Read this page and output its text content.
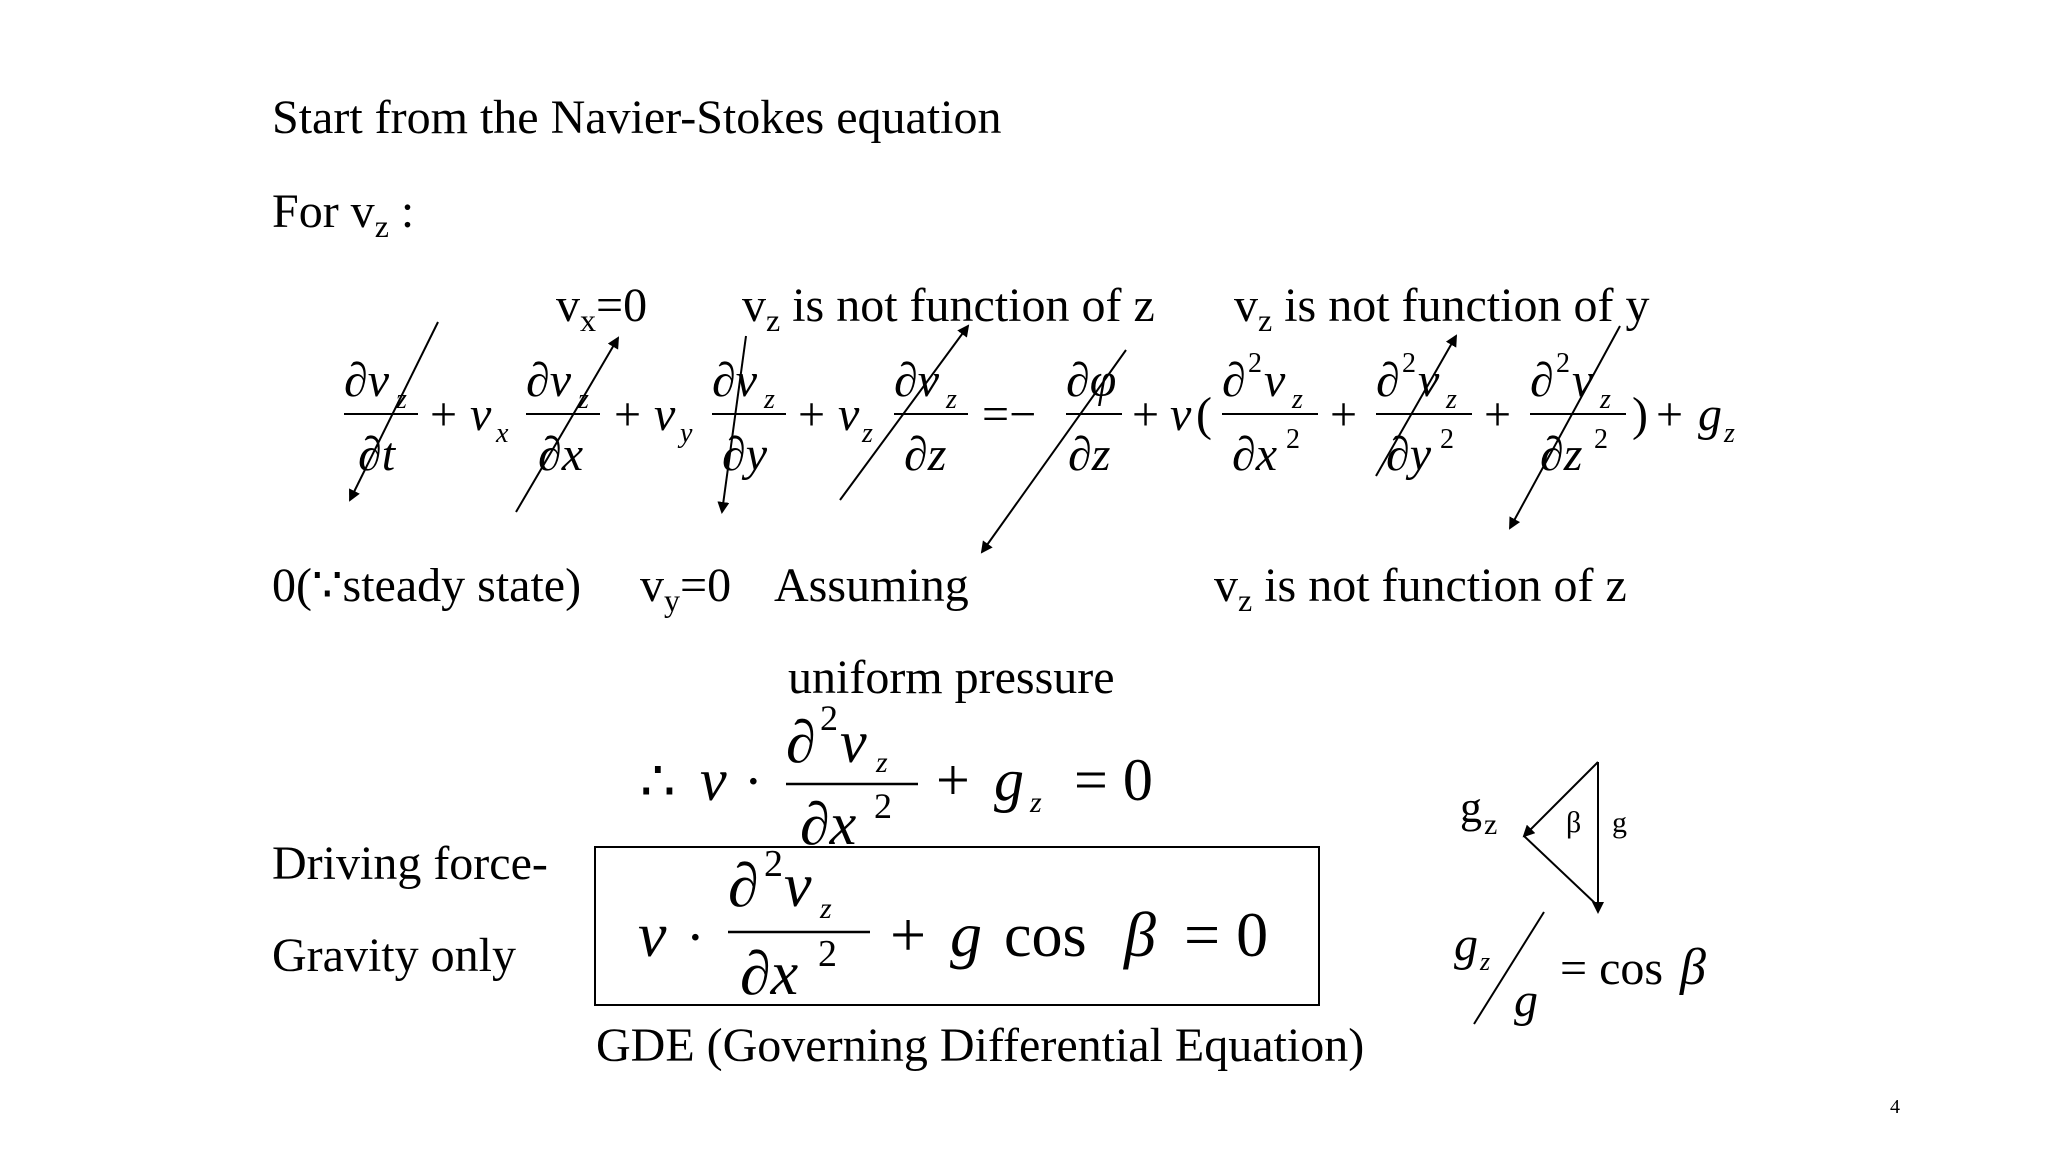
Start from the Navier-Stokes equation
For $v_z$ :
$v_x=0$ $v_z$ is not function of z $v_z$ is not function of y
0(∵steady state) $v_y=0$ Assuming
uniform pressure
$v_z$ is not function of z
Driving force-
Gravity only
GDE (Governing Differential Equation)
4
∂v z
∂t
+ v x
∂v z
∂x
+ v y
∂v z
∂y
+ v z
∂v z
∂z
=−
∂φ
∂z
+ ν (
∂ 2 v z
∂x 2 +
∂ 2 v z
∂y 2 +
∂ 2 v z
∂z 2 ) + g z
∴ ν ·
∂ 2 v z
∂x 2 + g z = 0
ν ·
∂ 2 v z
∂x 2 + g cos β = 0
g z β g
g z
g
= cos β
